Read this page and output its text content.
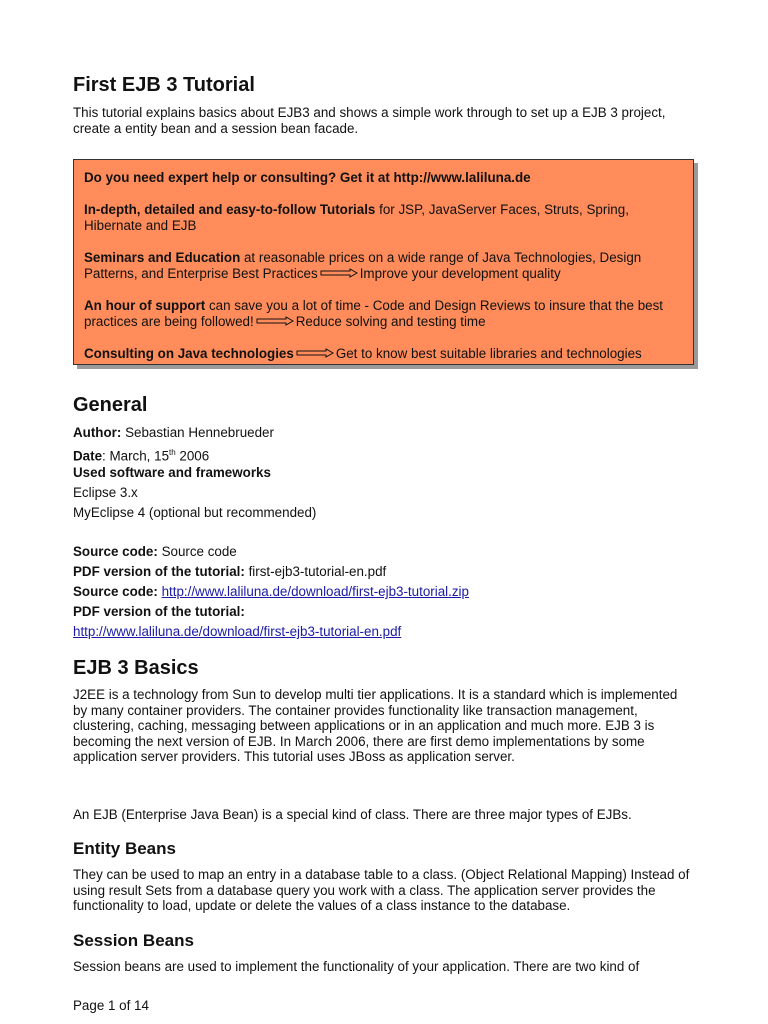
First EJB 3 Tutorial

This tutorial explains basics about EJB3 and shows a simple work through to set up a EJB 3 project, create a entity bean and a session bean facade.

Do you need expert help or consulting? Get it at http://www.laliluna.de

In-depth, detailed and easy-to-follow Tutorials for JSP, JavaServer Faces, Struts, Spring, Hibernate and EJB

Seminars and Education at reasonable prices on a wide range of Java Technologies, Design Patterns, and Enterprise Best Practices	Improve your development quality

An hour of support can save you a lot of time - Code and Design Reviews to insure that the best practices are being followed!	Reduce solving and testing time

Consulting on Java technologies	Get to know best suitable libraries and technologies

General
Author: Sebastian Hennebrueder
Date: March, 15th 2006
Used software and frameworks
Eclipse 3.x
MyEclipse 4 (optional but recommended)
Source code: Source code
PDF version of the tutorial: first-ejb3-tutorial-en.pdf
Source code: http://www.laliluna.de/download/first-ejb3-tutorial.zip
PDF version of the tutorial:
http://www.laliluna.de/download/first-ejb3-tutorial-en.pdf
EJB 3 Basics

J2EE is a technology from Sun to develop multi tier applications. It is a standard which is implemented by many container providers. The container provides functionality like transaction management, clustering, caching, messaging between applications or in an application and much more. EJB 3 is becoming the next version of EJB. In March 2006, there are first demo implementations by some application server providers. This tutorial uses JBoss as application server.

An EJB (Enterprise Java Bean) is a special kind of class. There are three major types of EJBs.

Entity Beans

They can be used to map an entry in a database table to a class. (Object Relational Mapping) Instead of using result Sets from a database query you work with a class. The application server provides the functionality to load, update or delete the values of a class instance to the database.

Session Beans

Session beans are used to implement the functionality of your application. There are two kind of

Page 1 of 14
